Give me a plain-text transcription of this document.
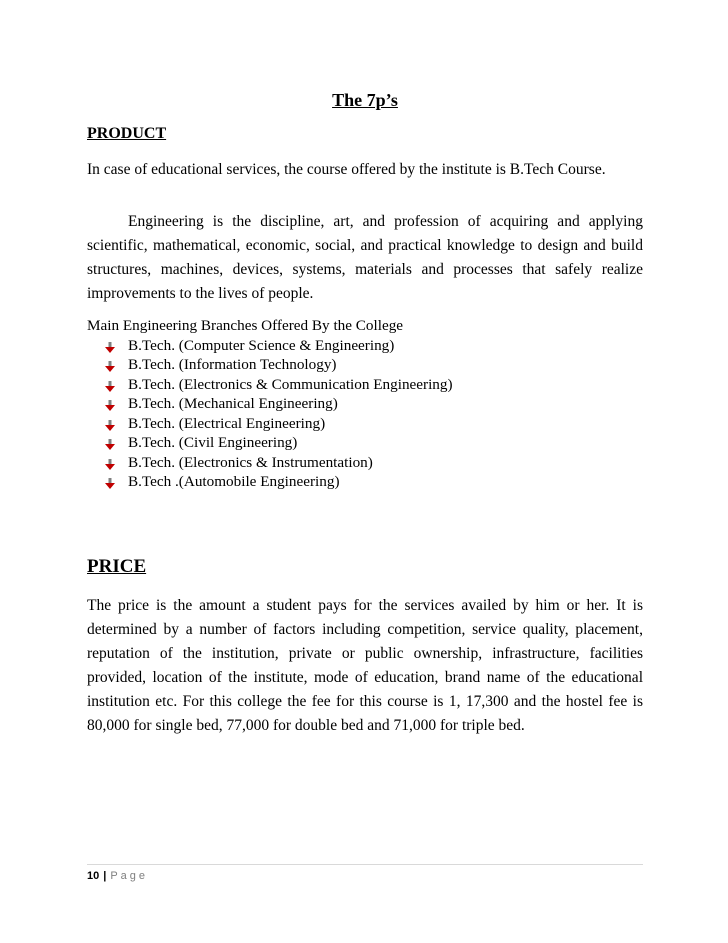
The 7p’s
PRODUCT
In case of educational services, the course offered by the institute is B.Tech Course.
Engineering is the discipline, art, and profession of acquiring and applying scientific, mathematical, economic, social, and practical knowledge to design and build structures, machines, devices, systems, materials and processes that safely realize improvements to the lives of people.
Main Engineering Branches Offered By the College
B.Tech. (Computer Science & Engineering)
B.Tech. (Information Technology)
B.Tech. (Electronics & Communication Engineering)
B.Tech. (Mechanical Engineering)
B.Tech. (Electrical Engineering)
B.Tech. (Civil Engineering)
B.Tech. (Electronics & Instrumentation)
B.Tech .(Automobile Engineering)
PRICE
The price is the amount a student pays for the services availed by him or her. It is determined by a number of factors including competition, service quality, placement, reputation of the institution, private or public ownership, infrastructure, facilities provided, location of the institute, mode of education, brand name of the educational institution etc. For this college the fee for this course is 1, 17,300 and the hostel fee is 80,000 for single bed, 77,000 for double bed and 71,000 for triple bed.
10 | Page
